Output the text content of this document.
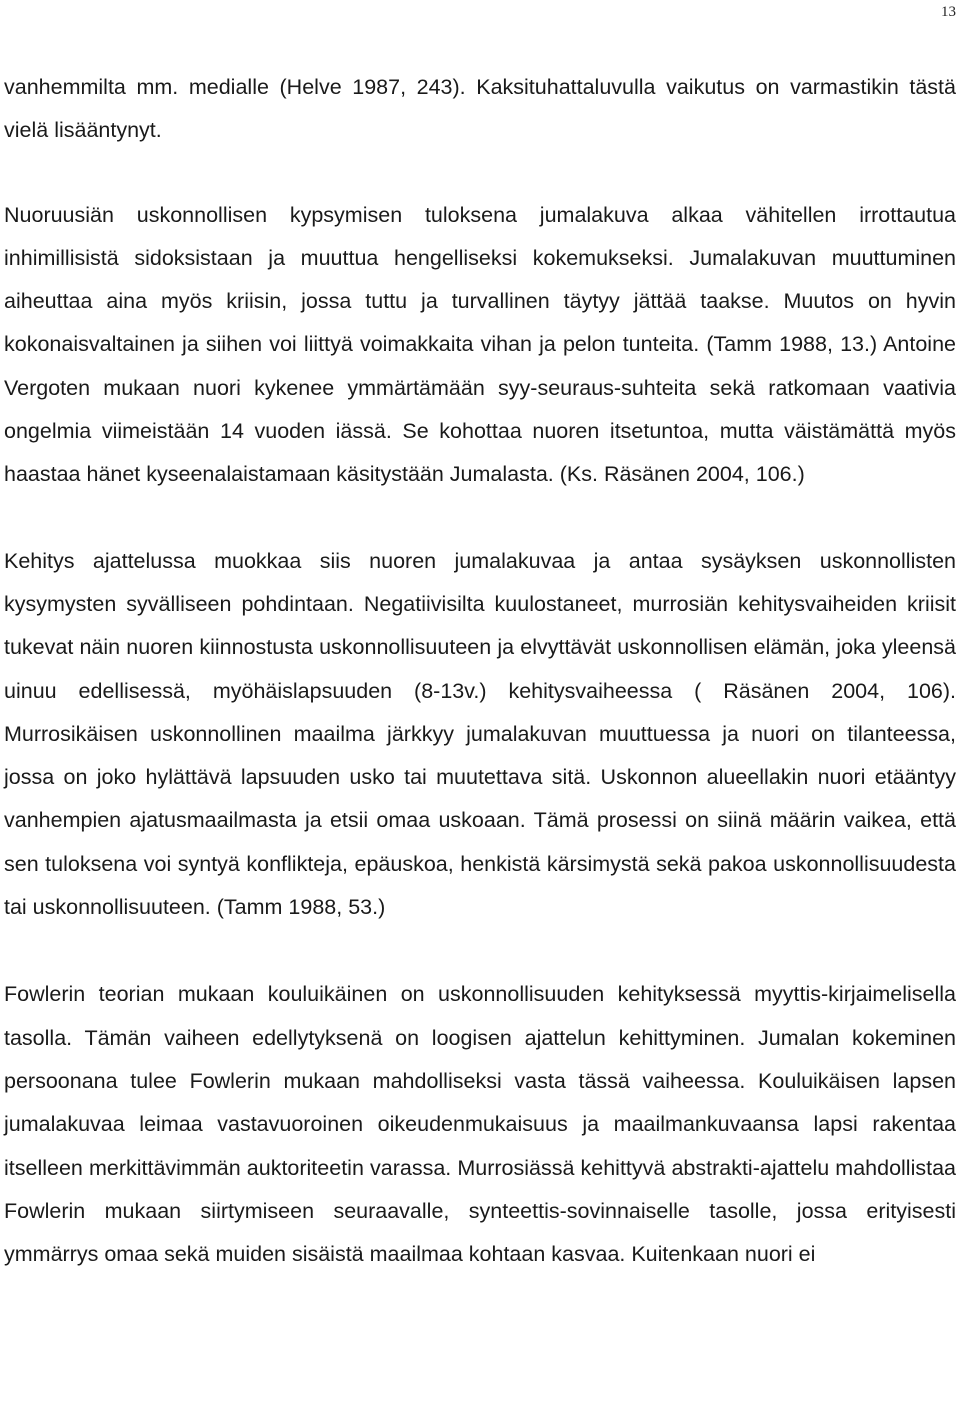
13

vanhemmilta mm. medialle (Helve 1987, 243). Kaksituhattaluvulla vaikutus on varmastikin tästä vielä lisääntynyt.

Nuoruusiän uskonnollisen kypsymisen tuloksena jumalakuva alkaa vähitellen irrottautua inhimillisistä sidoksistaan ja muuttua hengelliseksi kokemukseksi. Jumalakuvan muuttuminen aiheuttaa aina myös kriisin, jossa tuttu ja turvallinen täytyy jättää taakse. Muutos on hyvin kokonaisvaltainen ja siihen voi liittyä voimakkaita vihan ja pelon tunteita. (Tamm 1988, 13.) Antoine Vergoten mukaan nuori kykenee ymmärtämään syy-seuraus-suhteita sekä ratkomaan vaativia ongelmia viimeistään 14 vuoden iässä. Se kohottaa nuoren itsetuntoa, mutta väistämättä myös haastaa hänet kyseenalaistamaan käsitystään Jumalasta. (Ks. Räsänen 2004, 106.)

Kehitys ajattelussa muokkaa siis nuoren jumalakuvaa ja antaa sysäyksen uskonnollisten kysymysten syvälliseen pohdintaan. Negatiivisilta kuulostaneet, murrosiän kehitysvaiheiden kriisit tukevat näin nuoren kiinnostusta uskonnollisuuteen ja elvyttävät uskonnollisen elämän, joka yleensä uinuu edellisessä, myöhäislapsuuden (8-13v.) kehitysvaiheessa ( Räsänen 2004, 106). Murrosikäisen uskonnollinen maailma järkkyy jumalakuvan muuttuessa ja nuori on tilanteessa, jossa on joko hylättävä lapsuuden usko tai muutettava sitä. Uskonnon alueellakin nuori etääntyy vanhempien ajatusmaailmasta ja etsii omaa uskoaan. Tämä prosessi on siinä määrin vaikea, että sen tuloksena voi syntyä konflikteja, epäuskoa, henkistä kärsimystä sekä pakoa uskonnollisuudesta tai uskonnollisuuteen. (Tamm 1988, 53.)

Fowlerin teorian mukaan kouluikäinen on uskonnollisuuden kehityksessä myyttis-kirjaimelisella tasolla. Tämän vaiheen edellytyksenä on loogisen ajattelun kehittyminen. Jumalan kokeminen persoonana tulee Fowlerin mukaan mahdolliseksi vasta tässä vaiheessa. Kouluikäisen lapsen jumalakuvaa leimaa vastavuoroinen oikeudenmukaisuus ja maailmankuvaansa lapsi rakentaa itselleen merkittävimmän auktoriteetin varassa. Murrosiässä kehittyvä abstrakti-ajattelu mahdollistaa Fowlerin mukaan siirtymiseen seuraavalle, synteettis-sovinnaiselle tasolle, jossa erityisesti ymmärrys omaa sekä muiden sisäistä maailmaa kohtaan kasvaa. Kuitenkaan nuori ei
